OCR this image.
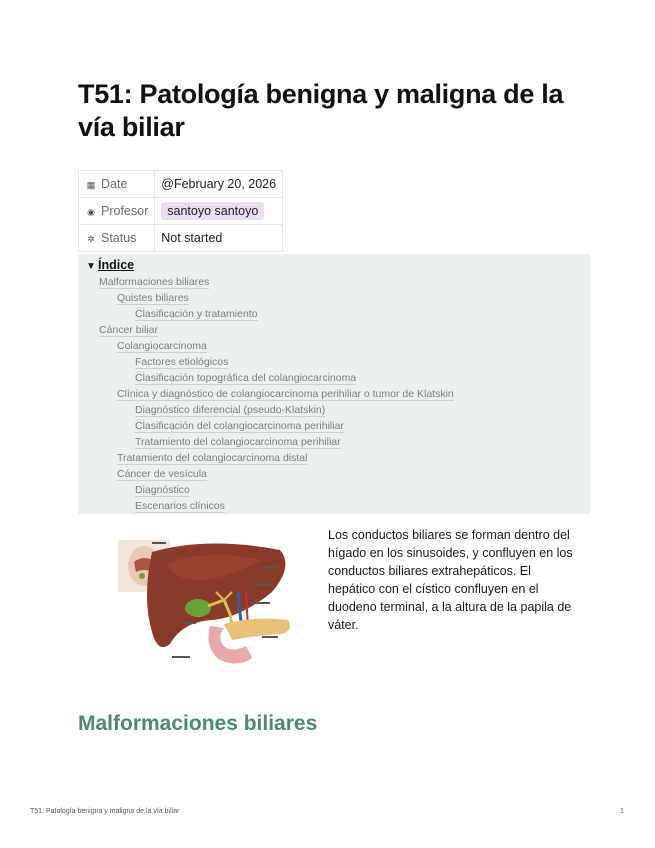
T51: Patología benigna y maligna de la vía biliar
▦ Date	@February 20, 2026
◉ Profesor	santoyo santoyo
✲ Status	Not started
▼ Índice
Malformaciones biliares
Quistes biliares
Clasificación y tratamiento
Cáncer biliar
Colangiocarcinoma
Factores etiológicos
Clasificación topográfica del colangiocarcinoma
Clínica y diagnóstico de colangiocarcinoma perihiliar o tumor de Klatskin
Diagnóstico diferencial (pseudo-Klatskin)
Clasificación del colangiocarcinoma perihiliar
Tratamiento del colangiocarcinoma perihiliar
Tratamiento del colangiocarcinoma distal
Cáncer de vesícula
Diagnóstico
Escenarios clínicos
Los conductos biliares se forman dentro del hígado en los sinusoides, y confluyen en los conductos biliares extrahepáticos. El hepático con el cístico confluyen en el duodeno terminal, a la altura de la papila de váter.
Malformaciones biliares
T51: Patología benigna y maligna de la vía biliar	1
